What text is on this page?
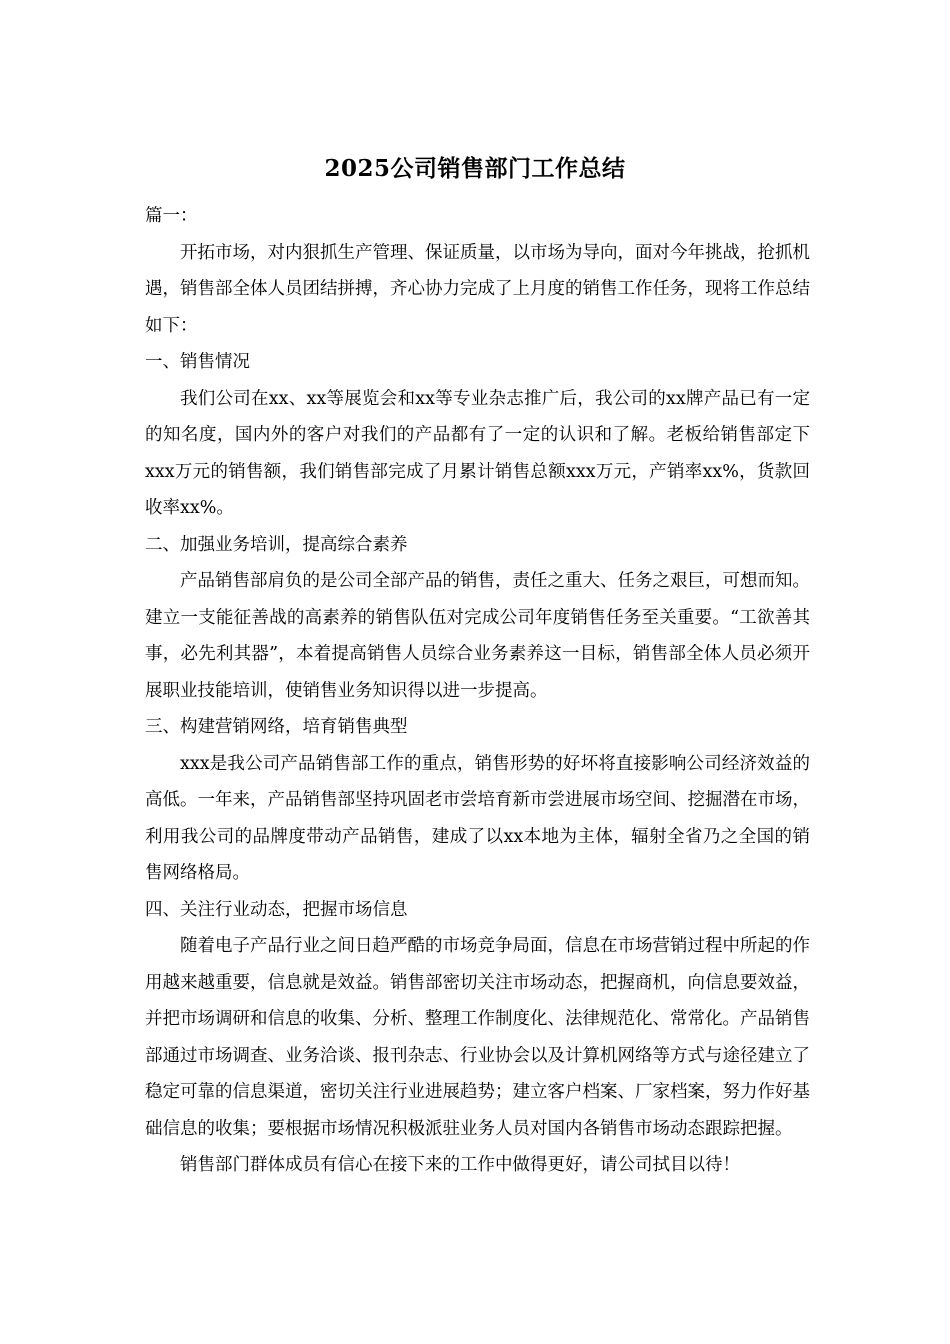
2025公司销售部门工作总结

篇一：

开拓市场，对内狠抓生产管理、保证质量，以市场为导向，面对今年挑战，抢抓机遇，销售部全体人员团结拼搏，齐心协力完成了上月度的销售工作任务，现将工作总结如下：

一、销售情况

我们公司在xx、xx等展览会和xx等专业杂志推广后，我公司的xx牌产品已有一定的知名度，国内外的客户对我们的产品都有了一定的认识和了解。老板给销售部定下xxx万元的销售额，我们销售部完成了月累计销售总额xxx万元，产销率xx%，货款回收率xx%。

二、加强业务培训，提高综合素养

产品销售部肩负的是公司全部产品的销售，责任之重大、任务之艰巨，可想而知。建立一支能征善战的高素养的销售队伍对完成公司年度销售任务至关重要。“工欲善其事，必先利其器”，本着提高销售人员综合业务素养这一目标，销售部全体人员必须开展职业技能培训，使销售业务知识得以进一步提高。

三、构建营销网络，培育销售典型

xxx是我公司产品销售部工作的重点，销售形势的好坏将直接影响公司经济效益的高低。一年来，产品销售部坚持巩固老市尝培育新市尝进展市场空间、挖掘潜在市场，利用我公司的品牌度带动产品销售，建成了以xx本地为主体，辐射全省乃之全国的销售网络格局。

四、关注行业动态，把握市场信息

随着电子产品行业之间日趋严酷的市场竞争局面，信息在市场营销过程中所起的作用越来越重要，信息就是效益。销售部密切关注市场动态，把握商机，向信息要效益，并把市场调研和信息的收集、分析、整理工作制度化、法律规范化、常常化。产品销售部通过市场调查、业务洽谈、报刊杂志、行业协会以及计算机网络等方式与途径建立了稳定可靠的信息渠道，密切关注行业进展趋势；建立客户档案、厂家档案，努力作好基础信息的收集；要根据市场情况积极派驻业务人员对国内各销售市场动态跟踪把握。

销售部门群体成员有信心在接下来的工作中做得更好，请公司拭目以待！
